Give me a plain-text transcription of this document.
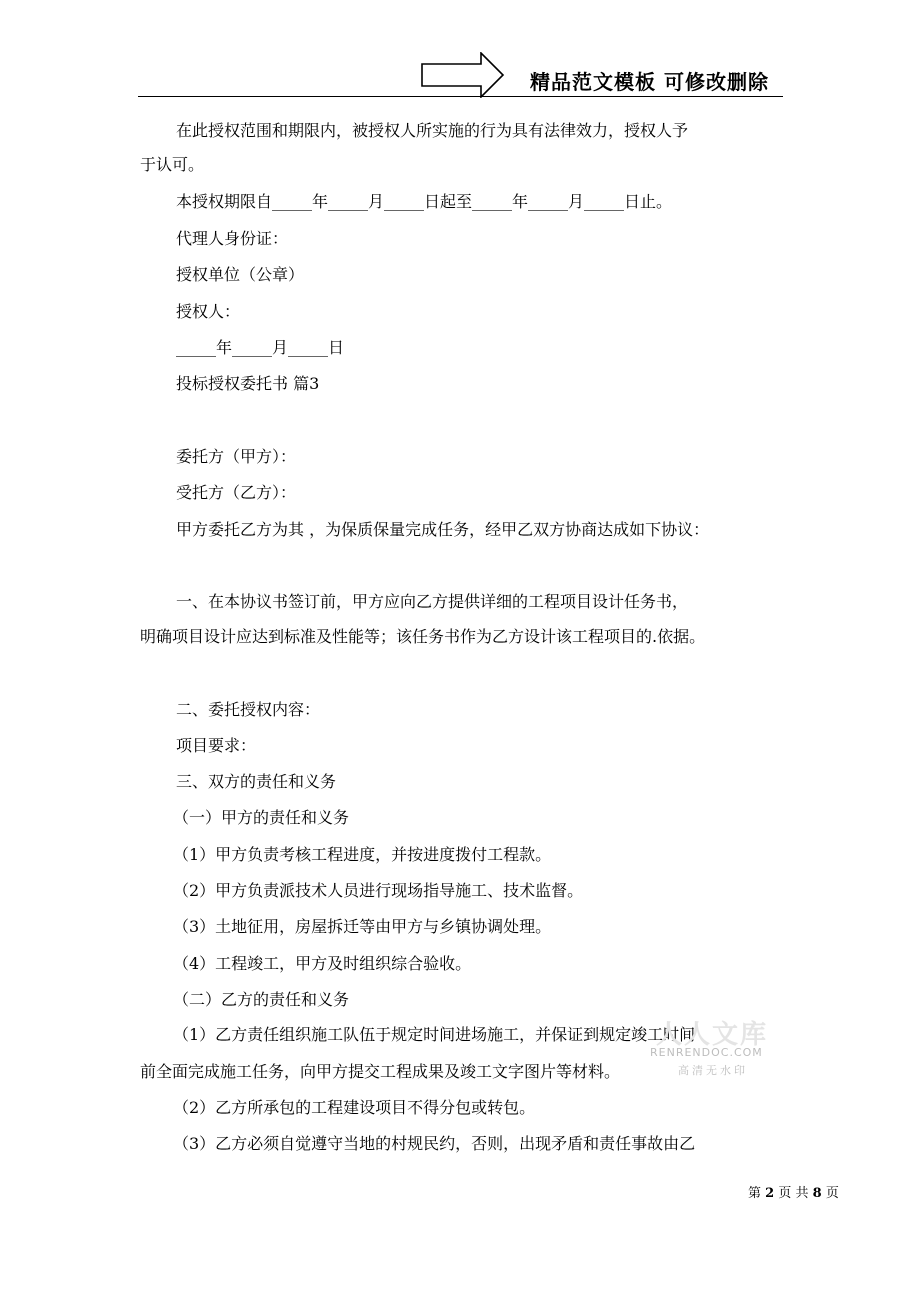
精品范文模板 可修改删除
在此授权范围和期限内，被授权人所实施的行为具有法律效力，授权人予
于认可。
本授权期限自_____年_____月_____日起至_____年_____月_____日止。
代理人身份证：
授权单位（公章）
授权人：
_____年_____月_____日
投标授权委托书 篇3
委托方（甲方）：
受托方（乙方）：
甲方委托乙方为其 ，为保质保量完成任务，经甲乙双方协商达成如下协议：
一、在本协议书签订前，甲方应向乙方提供详细的工程项目设计任务书，
明确项目设计应达到标准及性能等；该任务书作为乙方设计该工程项目的.依据。
二、委托授权内容：
项目要求：
三、双方的责任和义务
（一）甲方的责任和义务
（1）甲方负责考核工程进度，并按进度拨付工程款。
（2）甲方负责派技术人员进行现场指导施工、技术监督。
（3）土地征用，房屋拆迁等由甲方与乡镇协调处理。
（4）工程竣工，甲方及时组织综合验收。
（二）乙方的责任和义务
（1）乙方责任组织施工队伍于规定时间进场施工，并保证到规定竣工时间
前全面完成施工任务，向甲方提交工程成果及竣工文字图片等材料。
（2）乙方所承包的工程建设项目不得分包或转包。
（3）乙方必须自觉遵守当地的村规民约，否则，出现矛盾和责任事故由乙
人人文库
RENRENDOC.COM
高清无水印
第 2 页 共 8 页
